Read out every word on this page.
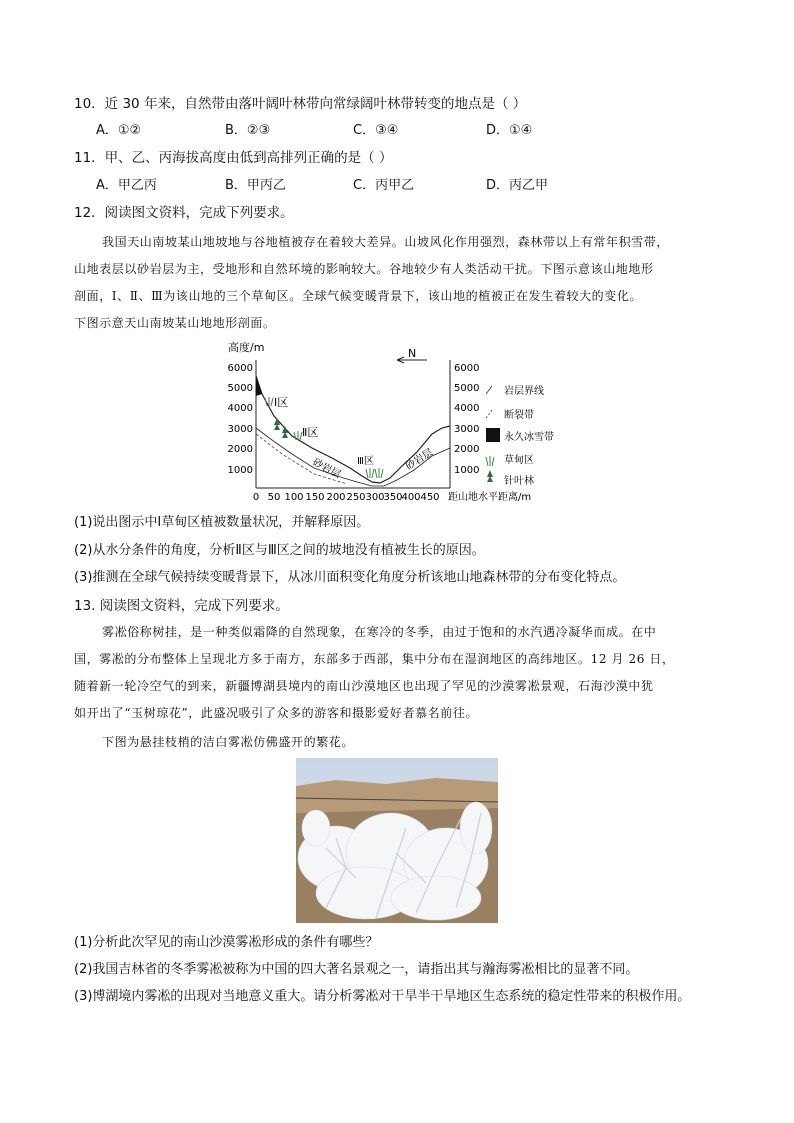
10．近 30 年来，自然带由落叶阔叶林带向常绿阔叶林带转变的地点是（ ）
A．①②	B．②③	C．③④	D．①④
11．甲、乙、丙海拔高度由低到高排列正确的是（ ）
A．甲乙丙	B．甲丙乙	C．丙甲乙	D．丙乙甲
12．阅读图文资料，完成下列要求。
我国天山南坡某山地坡地与谷地植被存在着较大差异。山坡风化作用强烈，森林带以上有常年积雪带，
山地表层以砂岩层为主，受地形和自然环境的影响较大。谷地较少有人类活动干扰。下图示意该山地地形
剖面，Ⅰ、Ⅱ、Ⅲ为该山地的三个草甸区。全球气候变暖背景下，该山地的植被正在发生着较大的变化。
下图示意天山南坡某山地地形剖面。
高度/m
6000
5000
4000
3000
2000
1000
6000
5000
4000
3000
2000
1000
0 50 100 150 200 250 300
350
400 450 距山地水平距离/m
N
砂岩层	砂岩层
Ⅰ区
Ⅱ区
Ⅲ区
岩层界线
断裂带
永久冰雪带
草甸区
针叶林
(1)说出图示中Ⅰ草甸区植被数量状况，并解释原因。
(2)从水分条件的角度，分析Ⅱ区与Ⅲ区之间的坡地没有植被生长的原因。
(3)推测在全球气候持续变暖背景下，从冰川面积变化角度分析该地山地森林带的分布变化特点。
13. 阅读图文资料，完成下列要求。
雾凇俗称树挂，是一种类似霜降的自然现象，在寒冷的冬季，由过于饱和的水汽遇冷凝华而成。在中
国，雾凇的分布整体上呈现北方多于南方，东部多于西部，集中分布在湿润地区的高纬地区。12 月 26 日，
随着新一轮冷空气的到来，新疆博湖县境内的南山沙漠地区也出现了罕见的沙漠雾凇景观，石海沙漠中犹
如开出了“玉树琼花”，此盛况吸引了众多的游客和摄影爱好者慕名前往。
下图为悬挂枝梢的洁白雾凇仿佛盛开的繁花。
(1)分析此次罕见的南山沙漠雾凇形成的条件有哪些？
(2)我国吉林省的冬季雾凇被称为中国的四大著名景观之一，请指出其与瀚海雾凇相比的显著不同。
(3)博湖境内雾凇的出现对当地意义重大。请分析雾凇对干旱半干旱地区生态系统的稳定性带来的积极作用。
